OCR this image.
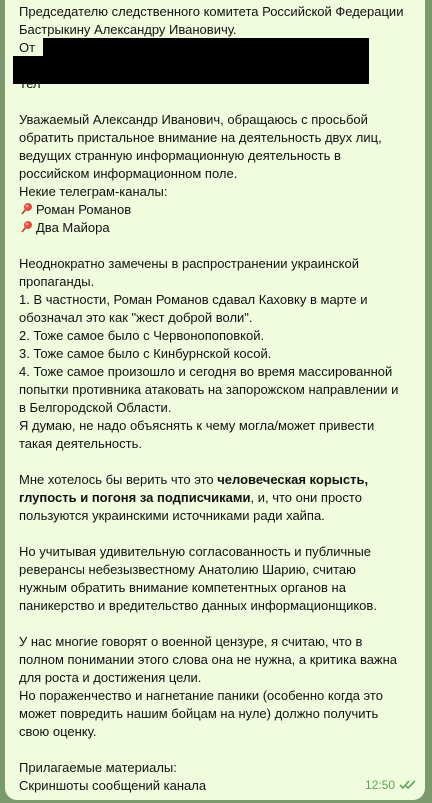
Председателю следственного комитета Российской Федерации
Бастрыкину Александру Ивановичу.
От
Уважаемый Александр Иванович, обращаюсь с просьбой
обратить пристальное внимание на деятельность двух лиц,
ведущих странную информационную деятельность в
российском информационном поле.
Некие телеграм-каналы:
Роман Романов
Два Майора
Неоднократно замечены в распространении украинской
пропаганды.
1. В частности, Роман Романов сдавал Каховку в марте и
обозначал это как "жест доброй воли".
2. Тоже самое было с Червонопоповкой.
3. Тоже самое было с Кинбурнской косой.
4. Тоже самое произошло и сегодня во время массированной
попытки противника атаковать на запорожском направлении и
в Белгородской Области.
Я думаю, не надо объяснять к чему могла/может привести
такая деятельность.
Мне хотелось бы верить что это человеческая корысть,
глупость и погоня за подписчиками, и, что они просто
пользуются украинскими источниками ради хайпа.
Но учитывая удивительную согласованность и публичные
реверансы небезызвестному Анатолию Шарию, считаю
нужным обратить внимание компетентных органов на
паникерство и вредительство данных информационщиков.
У нас многие говорят о военной цензуре, я считаю, что в
полном понимании этого слова она не нужна, а критика важна
для роста и достижения цели.
Но пораженчество и нагнетание паники (особенно когда это
может повредить нашим бойцам на нуле) должно получить
свою оценку.
Прилагаемые материалы:
Скриншоты сообщений канала	12:50
